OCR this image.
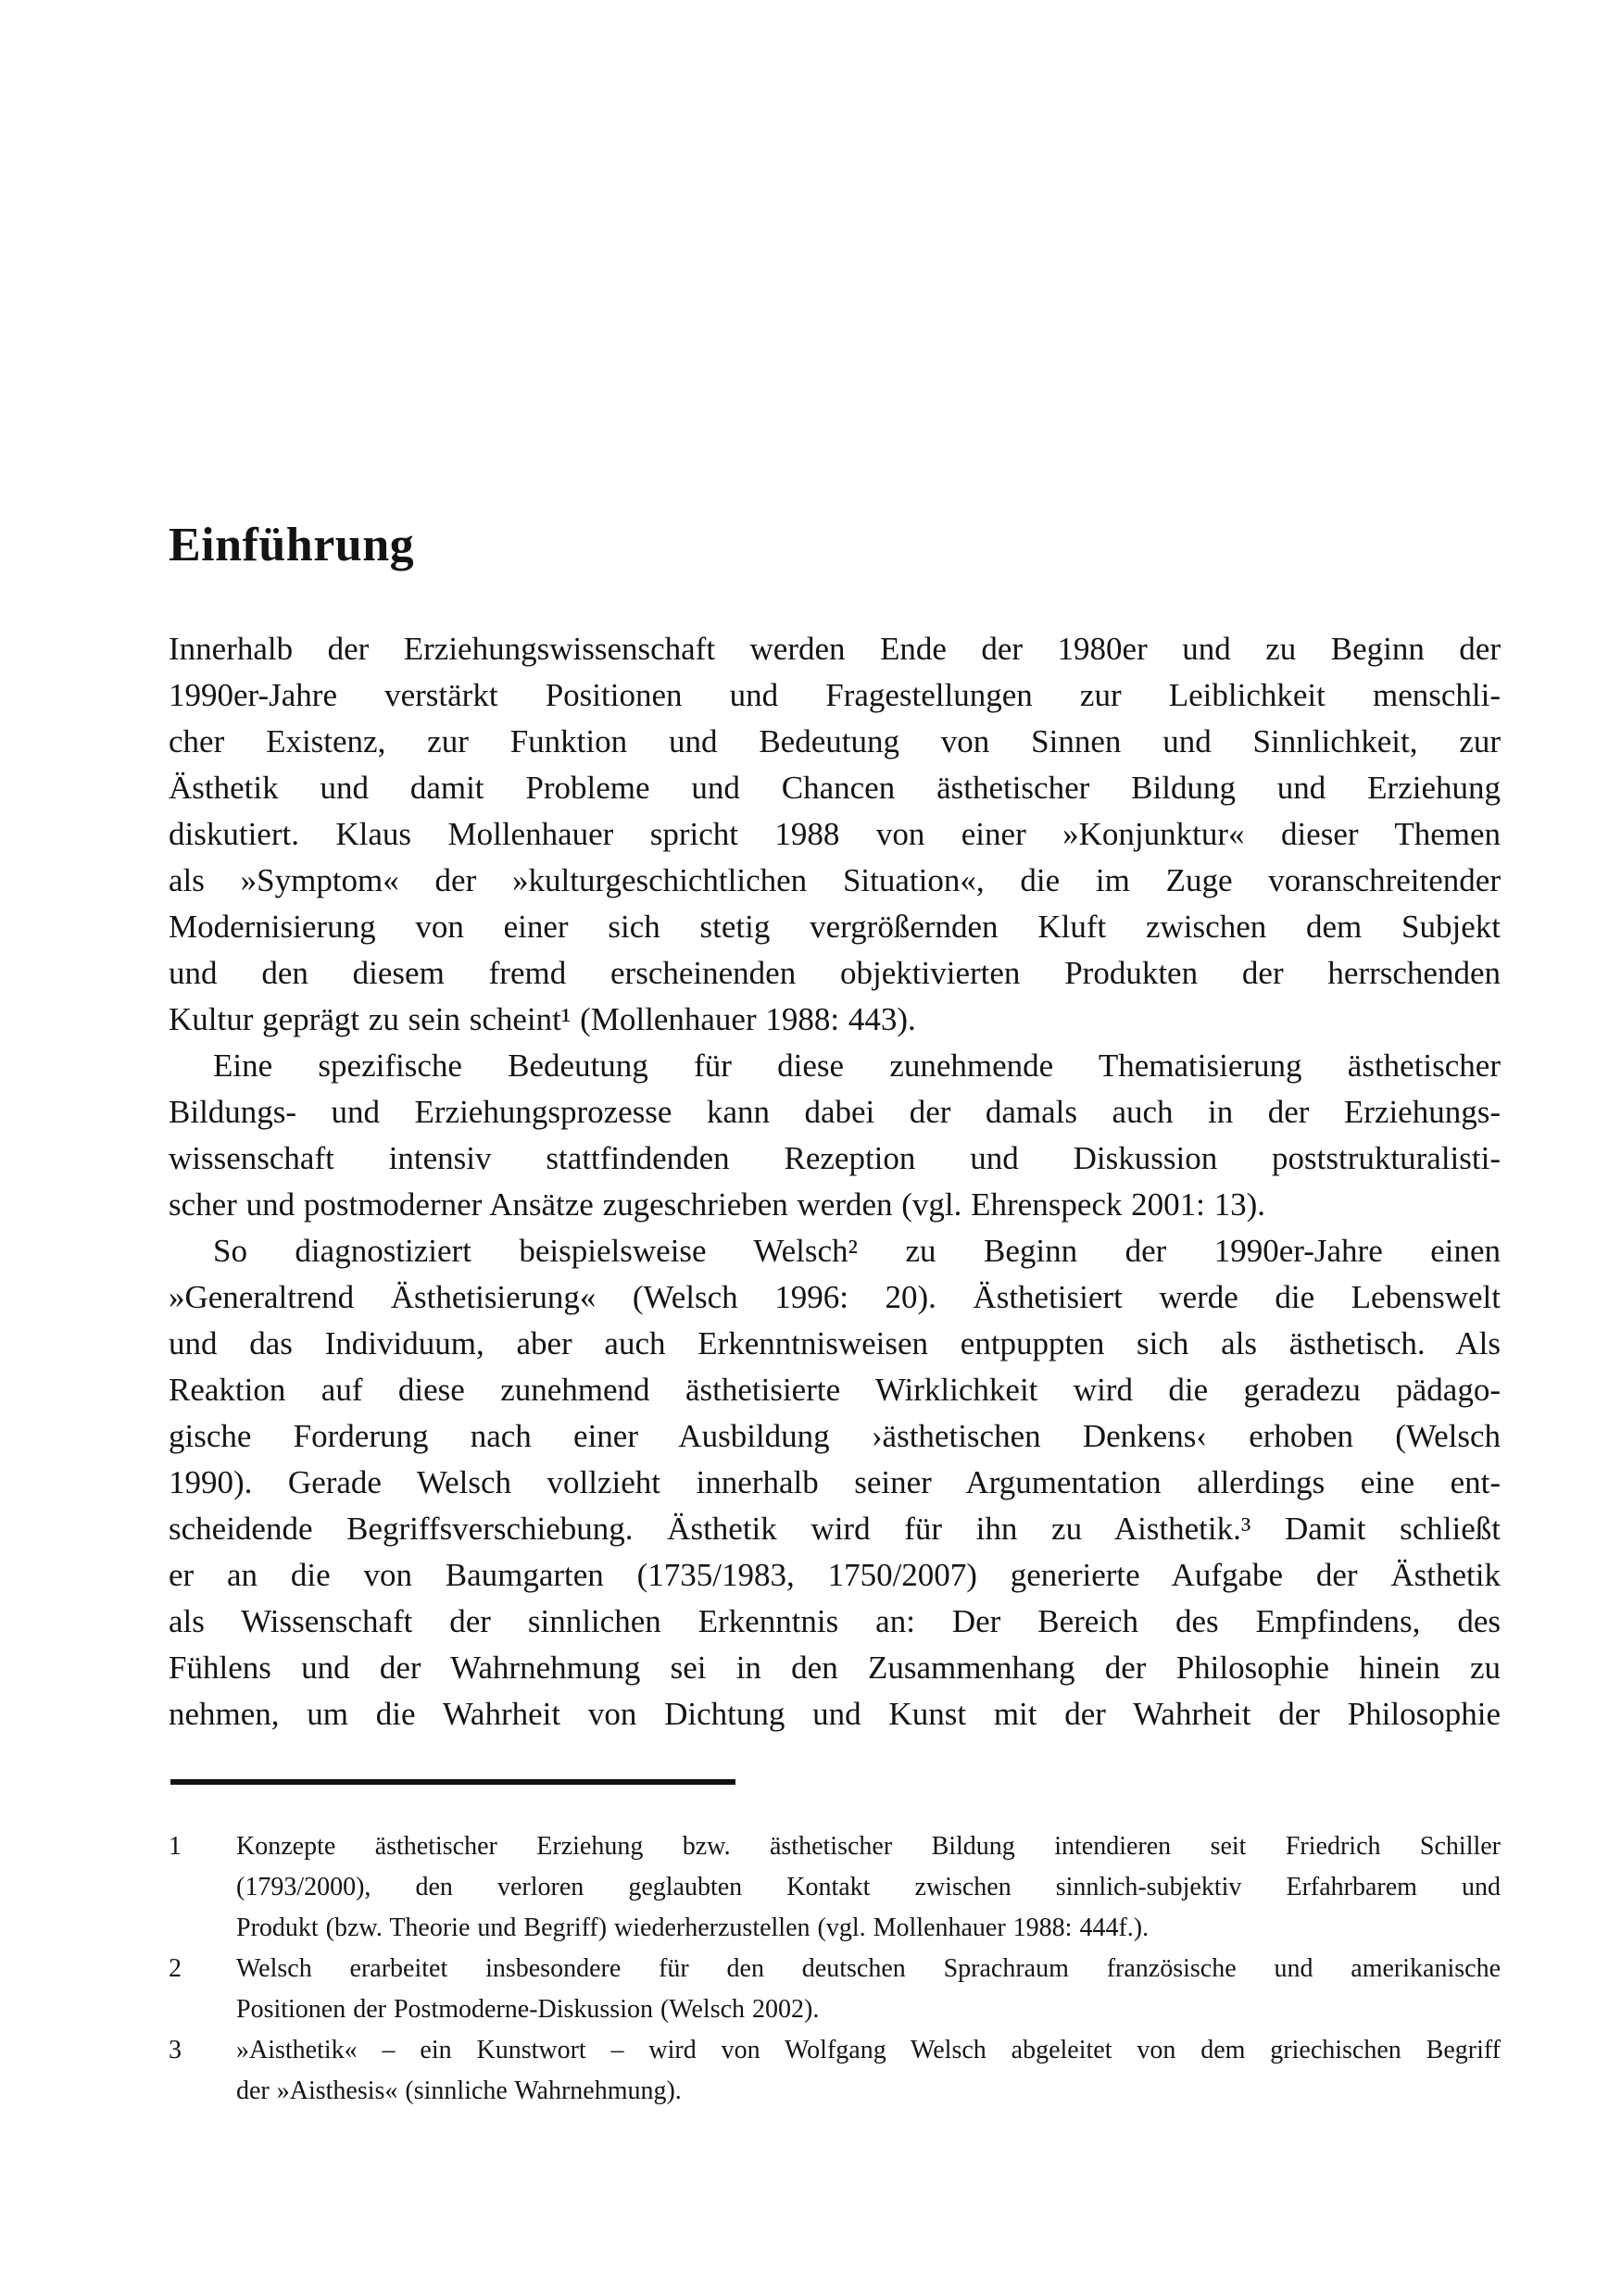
Einführung
Innerhalb der Erziehungswissenschaft werden Ende der 1980er und zu Beginn der
1990er-Jahre verstärkt Positionen und Fragestellungen zur Leiblichkeit menschli-
cher Existenz, zur Funktion und Bedeutung von Sinnen und Sinnlichkeit, zur
Ästhetik und damit Probleme und Chancen ästhetischer Bildung und Erziehung
diskutiert. Klaus Mollenhauer spricht 1988 von einer »Konjunktur« dieser Themen
als »Symptom« der »kulturgeschichtlichen Situation«, die im Zuge voranschreitender
Modernisierung von einer sich stetig vergrößernden Kluft zwischen dem Subjekt
und den diesem fremd erscheinenden objektivierten Produkten der herrschenden
Kultur geprägt zu sein scheint¹ (Mollenhauer 1988: 443).
Eine spezifische Bedeutung für diese zunehmende Thematisierung ästhetischer
Bildungs- und Erziehungsprozesse kann dabei der damals auch in der Erziehungs-
wissenschaft intensiv stattfindenden Rezeption und Diskussion poststrukturalisti-
scher und postmoderner Ansätze zugeschrieben werden (vgl. Ehrenspeck 2001: 13).
So diagnostiziert beispielsweise Welsch² zu Beginn der 1990er-Jahre einen
»Generaltrend Ästhetisierung« (Welsch 1996: 20). Ästhetisiert werde die Lebenswelt
und das Individuum, aber auch Erkenntnisweisen entpuppten sich als ästhetisch. Als
Reaktion auf diese zunehmend ästhetisierte Wirklichkeit wird die geradezu pädago-
gische Forderung nach einer Ausbildung ›ästhetischen Denkens‹ erhoben (Welsch
1990). Gerade Welsch vollzieht innerhalb seiner Argumentation allerdings eine ent-
scheidende Begriffsverschiebung. Ästhetik wird für ihn zu Aisthetik.³ Damit schließt
er an die von Baumgarten (1735/1983, 1750/2007) generierte Aufgabe der Ästhetik
als Wissenschaft der sinnlichen Erkenntnis an: Der Bereich des Empfindens, des
Fühlens und der Wahrnehmung sei in den Zusammenhang der Philosophie hinein zu
nehmen, um die Wahrheit von Dichtung und Kunst mit der Wahrheit der Philosophie
1	Konzepte ästhetischer Erziehung bzw. ästhetischer Bildung intendieren seit Friedrich Schiller
(1793/2000), den verloren geglaubten Kontakt zwischen sinnlich-subjektiv Erfahrbarem und
Produkt (bzw. Theorie und Begriff) wiederherzustellen (vgl. Mollenhauer 1988: 444f.).
2	Welsch erarbeitet insbesondere für den deutschen Sprachraum französische und amerikanische
Positionen der Postmoderne-Diskussion (Welsch 2002).
3	»Aisthetik« – ein Kunstwort – wird von Wolfgang Welsch abgeleitet von dem griechischen Begriff
der »Aisthesis« (sinnliche Wahrnehmung).
